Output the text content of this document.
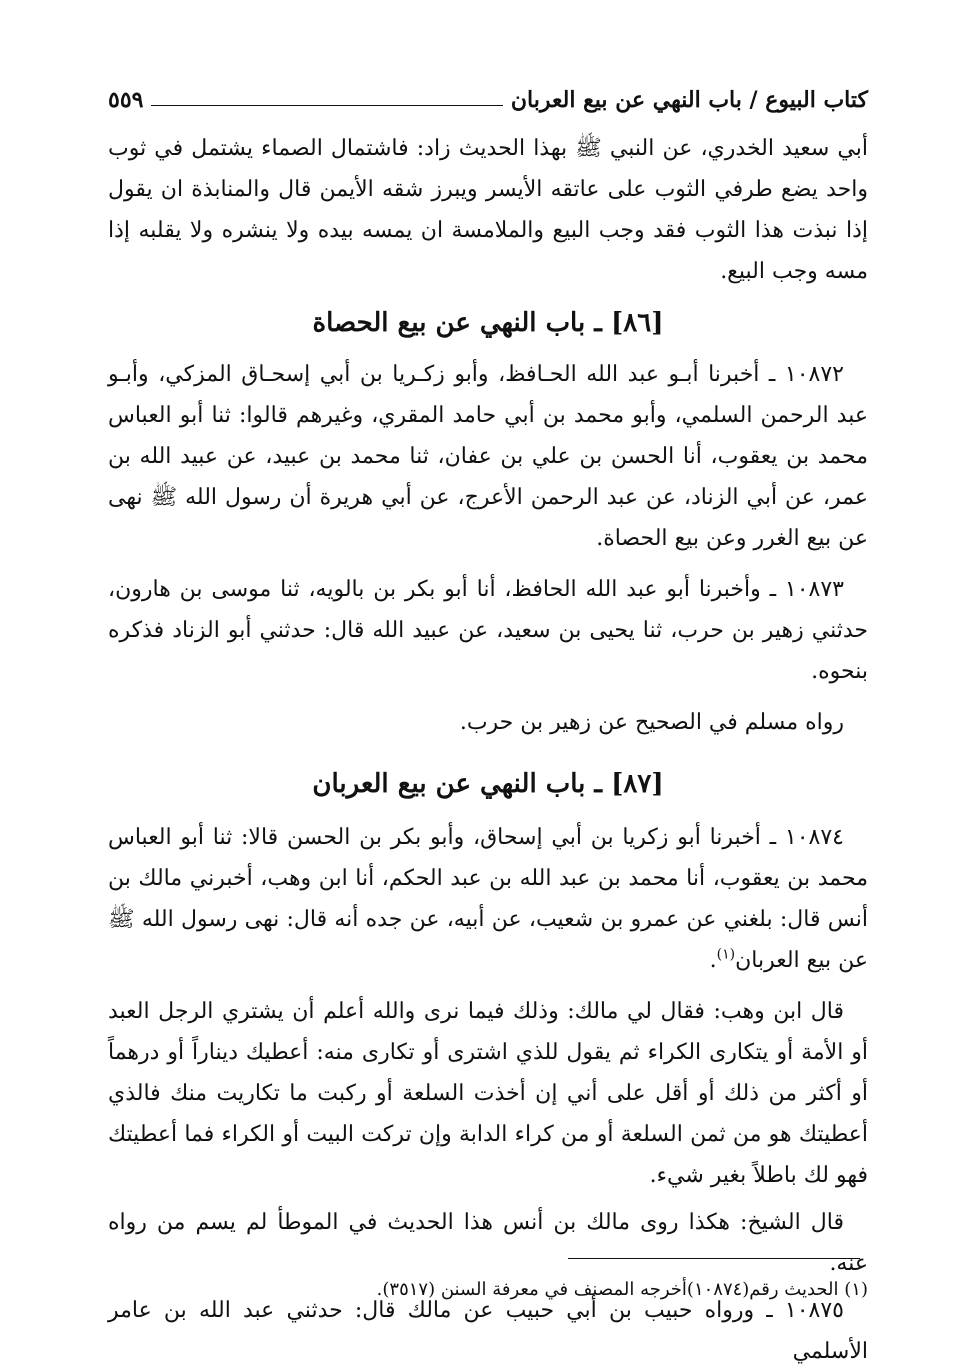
كتاب البيوع / باب النهي عن بيع العربان
٥٥٩

أبي سعيد الخدري، عن النبي ﷺ بهذا الحديث زاد: فاشتمال الصماء يشتمل في ثوب واحد يضع طرفي الثوب على عاتقه الأيسر ويبرز شقه الأيمن قال والمنابذة ان يقول إذا نبذت هذا الثوب فقد وجب البيع والملامسة ان يمسه بيده ولا ينشره ولا يقلبه إذا مسه وجب البيع.

[٨٦] ـ باب النهي عن بيع الحصاة

١٠٨٧٢ ـ أخبرنا أبـو عبد الله الحـافظ، وأبو زكـريا بن أبي إسحـاق المزكي، وأبـو عبد الرحمن السلمي، وأبو محمد بن أبي حامد المقري، وغيرهم قالوا: ثنا أبو العباس محمد بن يعقوب، أنا الحسن بن علي بن عفان، ثنا محمد بن عبيد، عن عبيد الله بن عمر، عن أبي الزناد، عن عبد الرحمن الأعرج، عن أبي هريرة أن رسول الله ﷺ نهى عن بيع الغرر وعن بيع الحصاة.

١٠٨٧٣ ـ وأخبرنا أبو عبد الله الحافظ، أنا أبو بكر بن بالويه، ثنا موسى بن هارون، حدثني زهير بن حرب، ثنا يحيى بن سعيد، عن عبيد الله قال: حدثني أبو الزناد فذكره بنحوه.

رواه مسلم في الصحيح عن زهير بن حرب.

[٨٧] ـ باب النهي عن بيع العربان

١٠٨٧٤ ـ أخبرنا أبو زكريا بن أبي إسحاق، وأبو بكر بن الحسن قالا: ثنا أبو العباس محمد بن يعقوب، أنا محمد بن عبد الله بن عبد الحكم، أنا ابن وهب، أخبرني مالك بن أنس قال: بلغني عن عمرو بن شعيب، عن أبيه، عن جده أنه قال: نهى رسول الله ﷺ عن بيع العربان$^{(١)}$.

قال ابن وهب: فقال لي مالك: وذلك فيما نرى والله أعلم أن يشتري الرجل العبد أو الأمة أو يتكارى الكراء ثم يقول للذي اشترى أو تكارى منه: أعطيك ديناراً أو درهماً أو أكثر من ذلك أو أقل على أني إن أخذت السلعة أو ركبت ما تكاريت منك فالذي أعطيتك هو من ثمن السلعة أو من كراء الدابة وإن تركت البيت أو الكراء فما أعطيتك فهو لك باطلاً بغير شيء.

قال الشيخ: هكذا روى مالك بن أنس هذا الحديث في الموطأ لم يسم من رواه عنه.

١٠٨٧٥ ـ ورواه حبيب بن أبي حبيب عن مالك قال: حدثني عبد الله بن عامر الأسلمي

(١) الحديث رقم(١٠٨٧٤)أخرجه المصنف في معرفة السنن (٣٥١٧).
